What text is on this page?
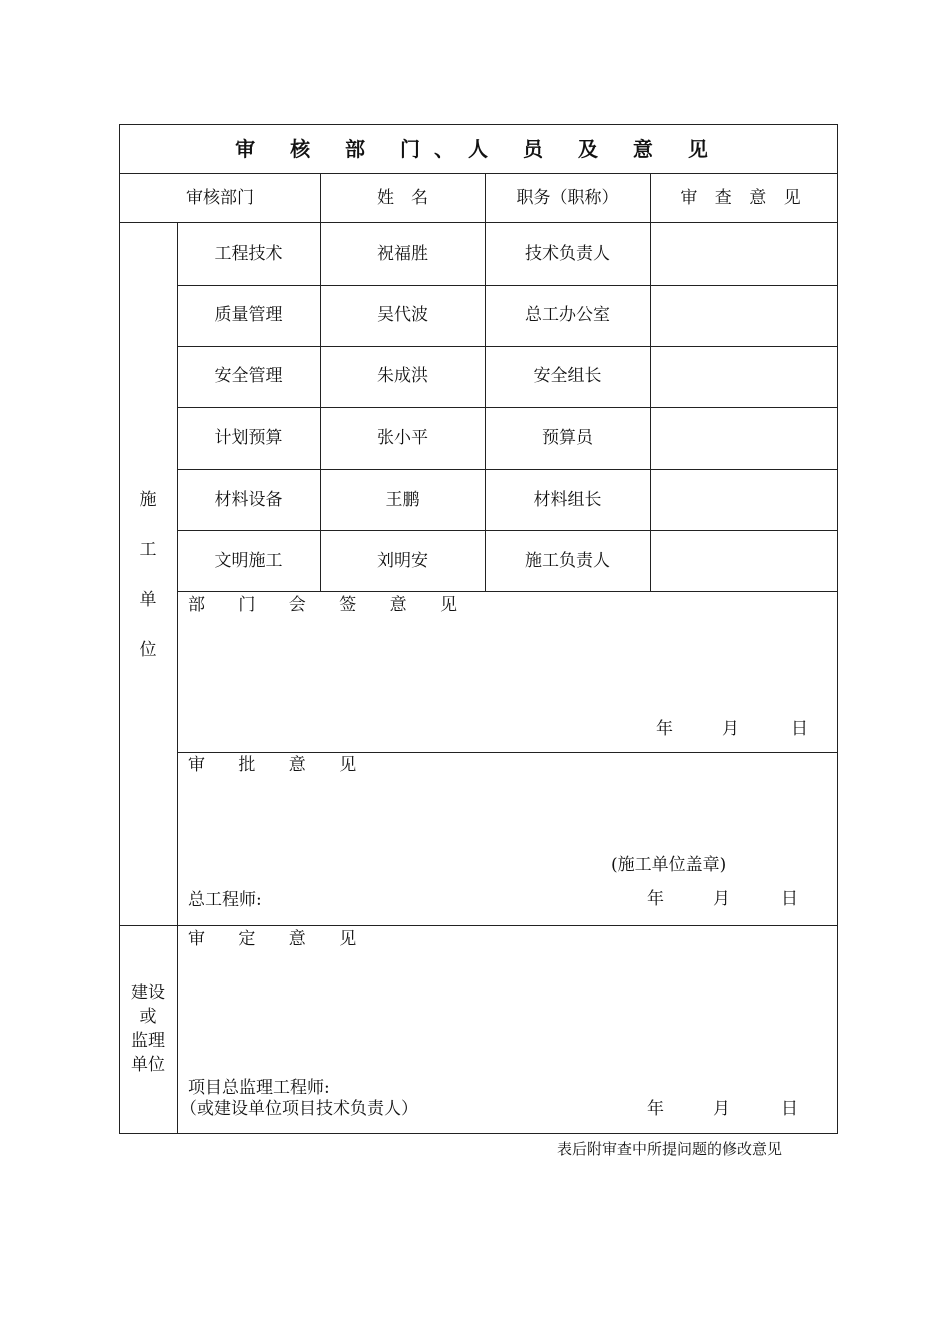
审 核 部 门、人 员 及 意 见
审核部门	姓　名	职务（职称）	审 查 意 见
施
工
单
位
工程技术	祝福胜	技术负责人
质量管理	吴代波	总工办公室
安全管理	朱成洪	安全组长
计划预算	张小平	预算员
材料设备	王鹏	材料组长
文明施工	刘明安	施工负责人
部 门 会 签 意 见
年	月	日
审 批 意 见
(施工单位盖章)
总工程师:	年	月	日
建设
或
监理
单位
审 定 意 见
项目总监理工程师:
（或建设单位项目技术负责人）	年	月	日
表后附审查中所提问题的修改意见
